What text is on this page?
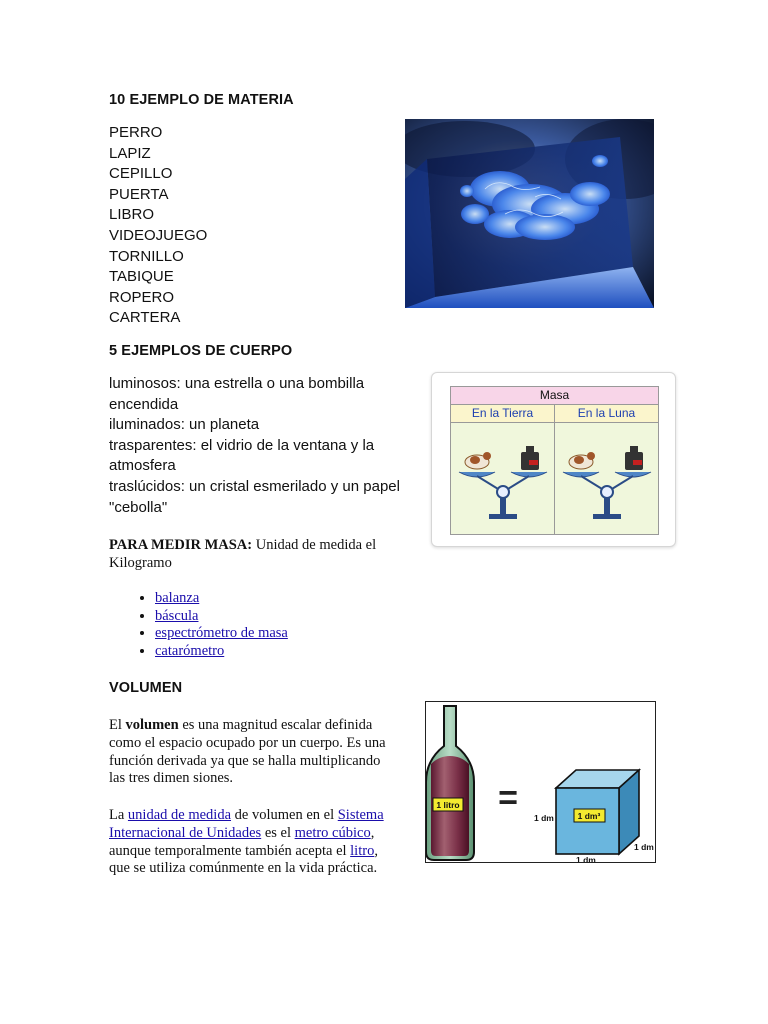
10 EJEMPLO DE MATERIA
PERRO
LAPIZ
CEPILLO
PUERTA
LIBRO
VIDEOJUEGO
TORNILLO
TABIQUE
ROPERO
CARTERA
5 EJEMPLOS DE CUERPO
luminosos: una estrella o una bombilla
encendida
iluminados: un planeta
trasparentes: el vidrio de la ventana y la
atmosfera
traslúcidos: un cristal esmerilado y un papel
"cebolla"
Masa
En la Tierra	En la Luna
PARA MEDIR MASA: Unidad de medida el
Kilogramo
• balanza
• báscula
• espectrómetro de masa
• catarómetro
VOLUMEN
El volumen es una magnitud escalar definida
como el espacio ocupado por un cuerpo. Es una
función derivada ya que se halla multiplicando
las tres dimen siones.
La unidad de medida de volumen en el Sistema
Internacional de Unidades es el metro cúbico,
aunque temporalmente también acepta el litro,
que se utiliza comúnmente en la vida práctica.
1 litro =	1 dm³
1 dm
1 dm
1 dm
